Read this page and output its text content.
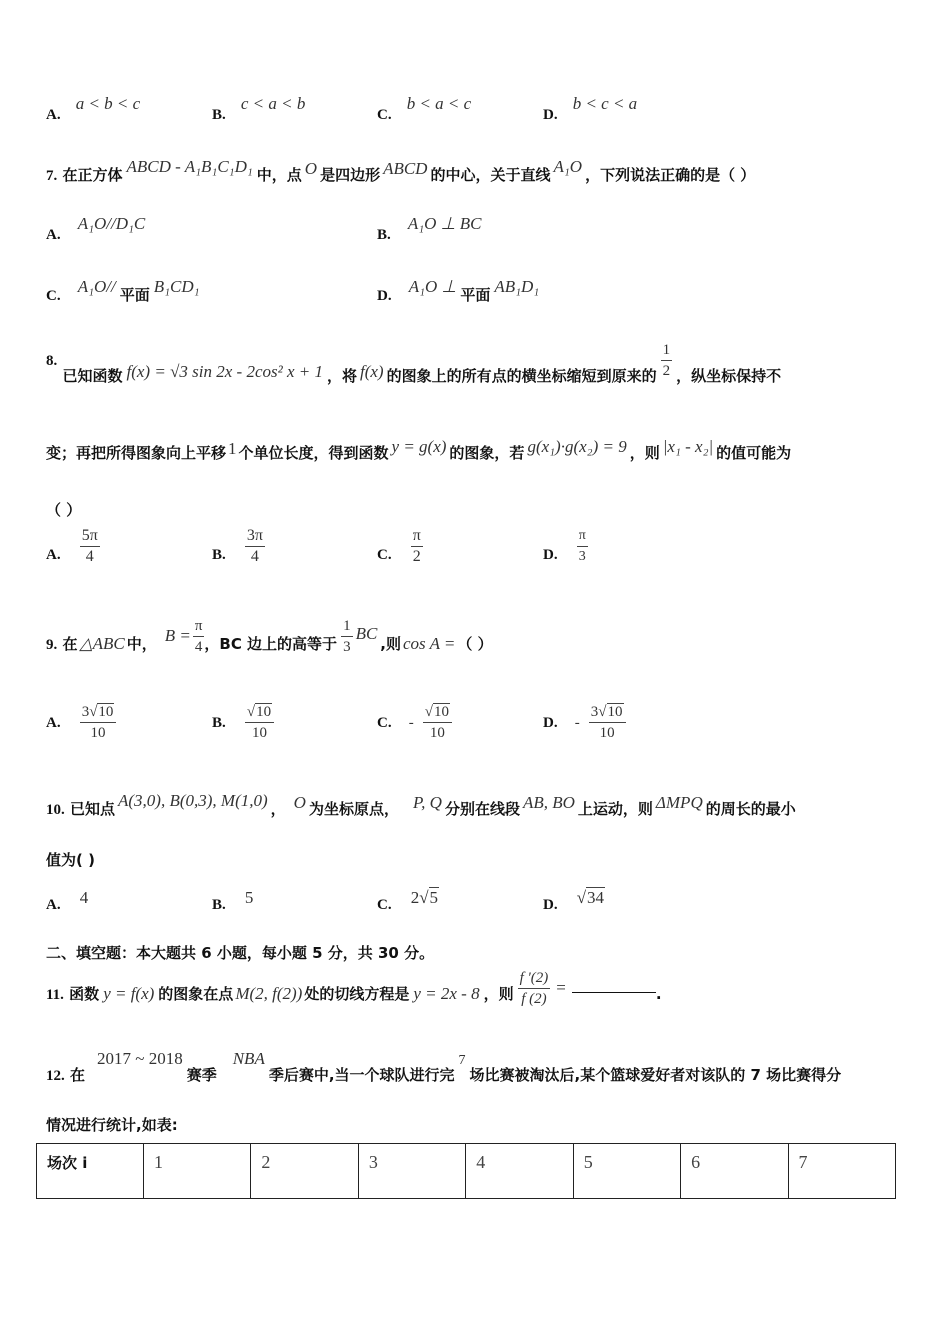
A. a < b < c
B. c < a < b
C. b < a < c
D. b < c < a
7. 在正方体 ABCD - A₁B₁C₁D₁ 中，点 O 是四边形 ABCD 的中心，关于直线 A₁O ，下列说法正确的是（ ）
A. A₁O//D₁C
B. A₁O ⊥ BC
C. A₁O// 平面 B₁CD₁	D. A₁O ⊥ 平面 AB₁D₁
8. 已知函数 f(x) = √3 sin 2x - 2cos² x + 1 ，将 f(x) 的图象上的所有点的横坐标缩短到原来的 $\frac{1}{2}$ ，纵坐标保持不
变；再把所得图象向上平移 1 个单位长度，得到函数 y = g(x) 的图象，若 g(x₁)·g(x₂) = 9 ，则 |x₁ - x₂| 的值可能为
（ ）
A. $\frac{5\pi}{4}$	B. $\frac{3\pi}{4}$	C. $\frac{\pi}{2}$	D. $\frac{\pi}{3}$
9. 在 △ABC 中， $B = \frac{\pi}{4}$ ，BC 边上的高等于 $\frac{1}{3}$ BC,则 cos A = （ ）
A. $\frac{3√10}{10}$	B. $\frac{√10}{10}$	C. - $\frac{√10}{10}$	D. - $\frac{3√10}{10}$
10. 已知点 A(3,0), B(0,3), M(1,0) ， O 为坐标原点， P, Q 分别在线段 AB, BO 上运动，则 ΔMPQ 的周长的最小
值为( )
A. 4	B. 5	C. 2√5	D. √34
二、填空题：本大题共 6 小题，每小题 5 分，共 30 分。
11. 函数 y = f(x) 的图象在点 M(2, f(2)) 处的切线方程是 y = 2x - 8 ，则 $\frac{f '(2)}{f (2)}$ =	.
12. 在2017 ~ 2018赛季NBA季后赛中,当一个球队进行完7场比赛被淘汰后,某个篮球爱好者对该队的 7 场比赛得分
情况进行统计,如表:
场次 i	1	2	3	4	5	6	7
